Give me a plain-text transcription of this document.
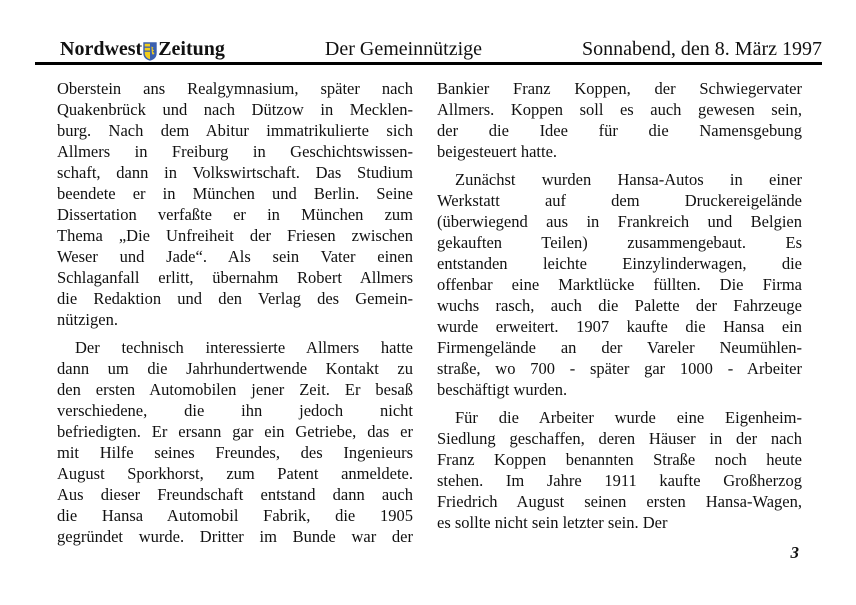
Nordwest Zeitung	Der Gemeinnützige	Sonnabend, den 8. März 1997
Oberstein ans Realgymnasium, später nach
Quakenbrück und nach Dützow in Mecklen-
burg. Nach dem Abitur immatrikulierte sich
Allmers in Freiburg in Geschichtswissen-
schaft, dann in Volkswirtschaft. Das Studium
beendete er in München und Berlin. Seine
Dissertation verfaßte er in München zum
Thema „Die Unfreiheit der Friesen zwischen
Weser und Jade“. Als sein Vater einen
Schlaganfall erlitt, übernahm Robert Allmers
die Redaktion und den Verlag des Gemein-
nützigen.
Der technisch interessierte Allmers hatte
dann um die Jahrhundertwende Kontakt zu
den ersten Automobilen jener Zeit. Er besaß
verschiedene, die ihn jedoch nicht
befriedigten. Er ersann gar ein Getriebe, das er
mit Hilfe seines Freundes, des Ingenieurs
August Sporkhorst, zum Patent anmeldete.
Aus dieser Freundschaft entstand dann auch
die Hansa Automobil Fabrik, die 1905
gegründet wurde. Dritter im Bunde war der
Bankier Franz Koppen, der Schwiegervater
Allmers. Koppen soll es auch gewesen sein,
der die Idee für die Namensgebung
beigesteuert hatte.
Zunächst wurden Hansa-Autos in einer
Werkstatt auf dem Druckereigelände
(überwiegend aus in Frankreich und Belgien
gekauften Teilen) zusammengebaut. Es
entstanden leichte Einzylinderwagen, die
offenbar eine Marktlücke füllten. Die Firma
wuchs rasch, auch die Palette der Fahrzeuge
wurde erweitert. 1907 kaufte die Hansa ein
Firmengelände an der Vareler Neumühlen-
straße, wo 700 - später gar 1000 - Arbeiter
beschäftigt wurden.
Für die Arbeiter wurde eine Eigenheim-
Siedlung geschaffen, deren Häuser in der nach
Franz Koppen benannten Straße noch heute
stehen. Im Jahre 1911 kaufte Großherzog
Friedrich August seinen ersten Hansa-Wagen,
es sollte nicht sein letzter sein. Der
3
